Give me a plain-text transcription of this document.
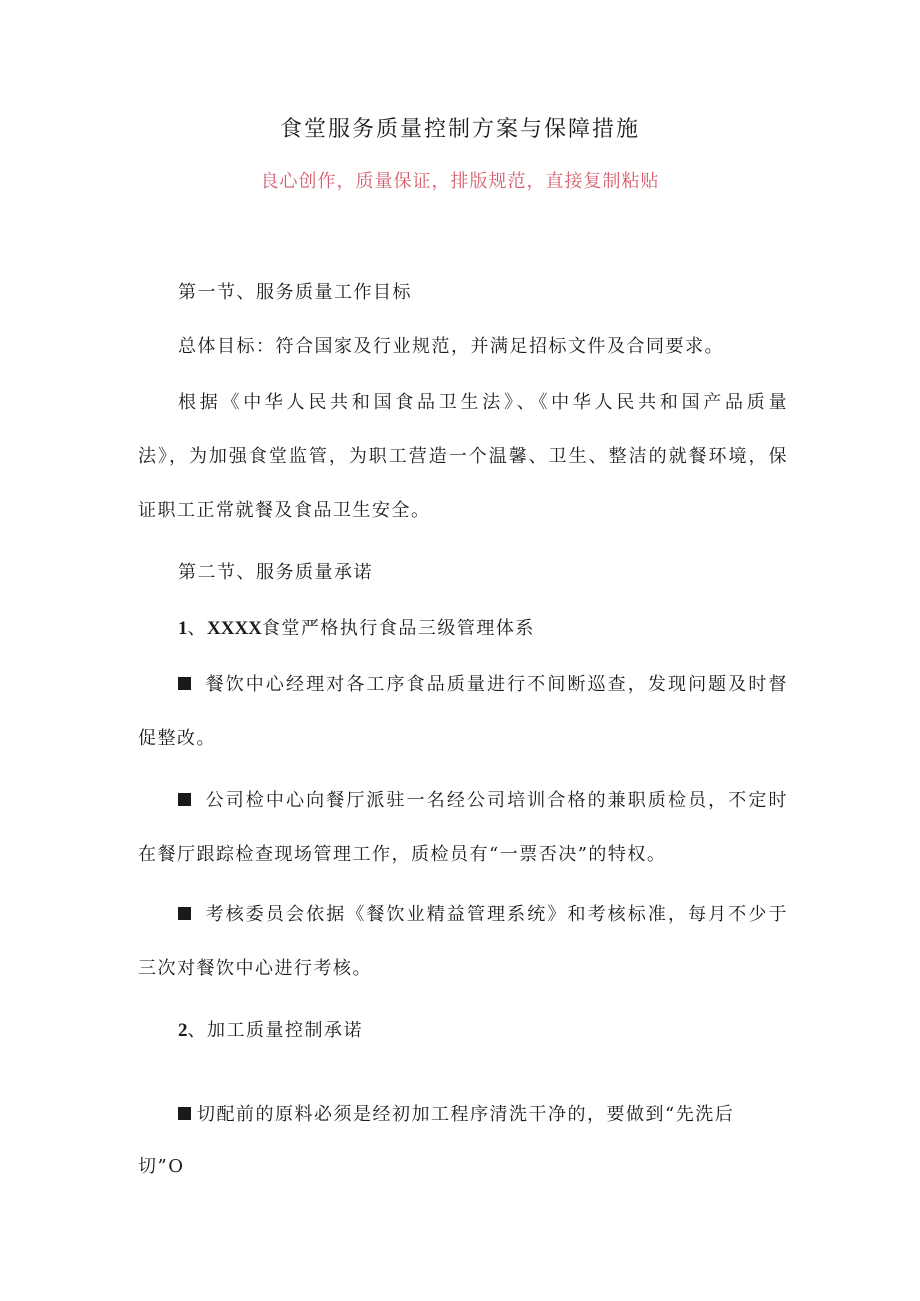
食堂服务质量控制方案与保障措施
良心创作，质量保证，排版规范，直接复制粘贴
第一节、服务质量工作目标
总体目标：符合国家及行业规范，并满足招标文件及合同要求。
根据《中华人民共和国食品卫生法》、《中华人民共和国产品质量
法》，为加强食堂监管，为职工营造一个温馨、卫生、整洁的就餐环境，保
证职工正常就餐及食品卫生安全。
第二节、服务质量承诺
1、XXXX食堂严格执行食品三级管理体系
餐饮中心经理对各工序食品质量进行不间断巡查，发现问题及时督
促整改。
公司检中心向餐厅派驻一名经公司培训合格的兼职质检员，不定时
在餐厅跟踪检查现场管理工作，质检员有“一票否决”的特权。
考核委员会依据《餐饮业精益管理系统》和考核标准，每月不少于
三次对餐饮中心进行考核。
2、加工质量控制承诺
切配前的原料必须是经初加工程序清洗干净的，要做到“先洗后
切”O
